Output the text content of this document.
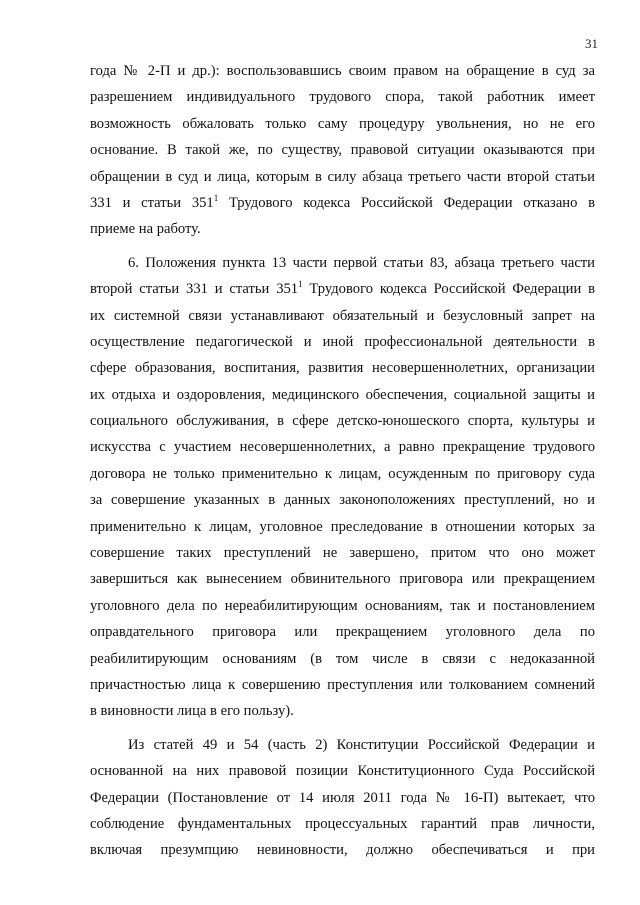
31
года № 2-П и др.): воспользовавшись своим правом на обращение в суд за
разрешением индивидуального трудового спора, такой работник имеет
возможность обжаловать только саму процедуру увольнения, но не его
основание. В такой же, по существу, правовой ситуации оказываются при
обращении в суд и лица, которым в силу абзаца третьего части второй статьи
331 и статьи $351^1$ Трудового кодекса Российской Федерации отказано в
приеме на работу.
6. Положения пункта 13 части первой статьи 83, абзаца третьего части
второй статьи 331 и статьи $351^1$ Трудового кодекса Российской Федерации в
их системной связи устанавливают обязательный и безусловный запрет на
осуществление педагогической и иной профессиональной деятельности в
сфере образования, воспитания, развития несовершеннолетних, организации
их отдыха и оздоровления, медицинского обеспечения, социальной защиты и
социального обслуживания, в сфере детско-юношеского спорта, культуры и
искусства с участием несовершеннолетних, а равно прекращение трудового
договора не только применительно к лицам, осужденным по приговору суда
за совершение указанных в данных законоположениях преступлений, но и
применительно к лицам, уголовное преследование в отношении которых за
совершение таких преступлений не завершено, притом что оно может
завершиться как вынесением обвинительного приговора или прекращением
уголовного дела по нереабилитирующим основаниям, так и постановлением
оправдательного приговора или прекращением уголовного дела по
реабилитирующим основаниям (в том числе в связи с недоказанной
причастностью лица к совершению преступления или толкованием сомнений
в виновности лица в его пользу).
Из статей 49 и 54 (часть 2) Конституции Российской Федерации и
основанной на них правовой позиции Конституционного Суда Российской
Федерации (Постановление от 14 июля 2011 года № 16-П) вытекает, что
соблюдение фундаментальных процессуальных гарантий прав личности,
включая презумпцию невиновности, должно обеспечиваться и при
